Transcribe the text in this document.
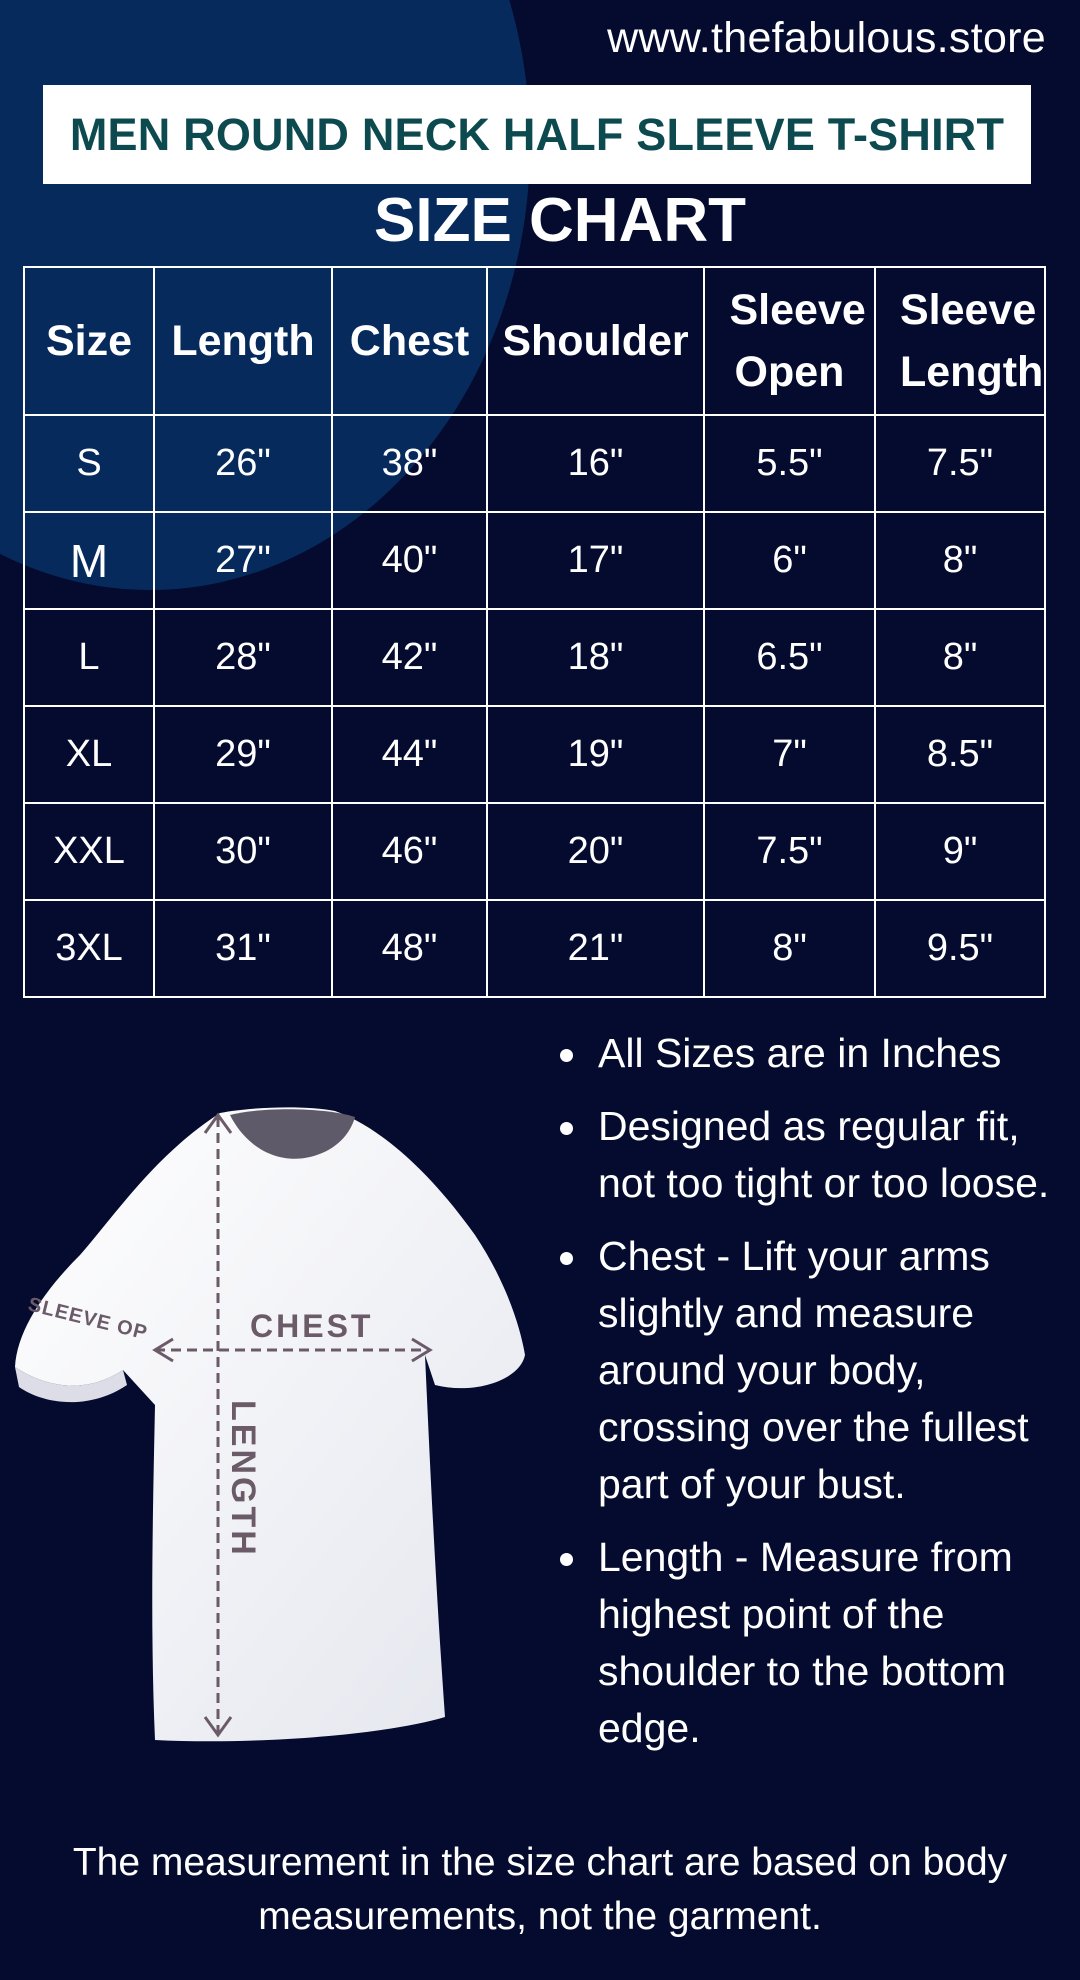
www.thefabulous.store
MEN ROUND NECK HALF SLEEVE T-SHIRT
SIZE CHART
Size	Length	Chest	Shoulder	Sleeve Open	Sleeve Length
S	26"	38"	16"	5.5"	7.5"
M	27"	40"	17"	6"	8"
L	28"	42"	18"	6.5"	8"
XL	29"	44"	19"	7"	8.5"
XXL	30"	46"	20"	7.5"	9"
3XL	31"	48"	21"	8"	9.5"
SLEEVE OP
LENGTH
CHEST
All Sizes are in Inches
Designed as regular fit, not too tight or too loose.
Chest - Lift your arms slightly and measure around your body, crossing over the fullest part of your bust.
Length - Measure from highest point of the shoulder to the bottom edge.
The measurement in the size chart are based on body measurements, not the garment.
